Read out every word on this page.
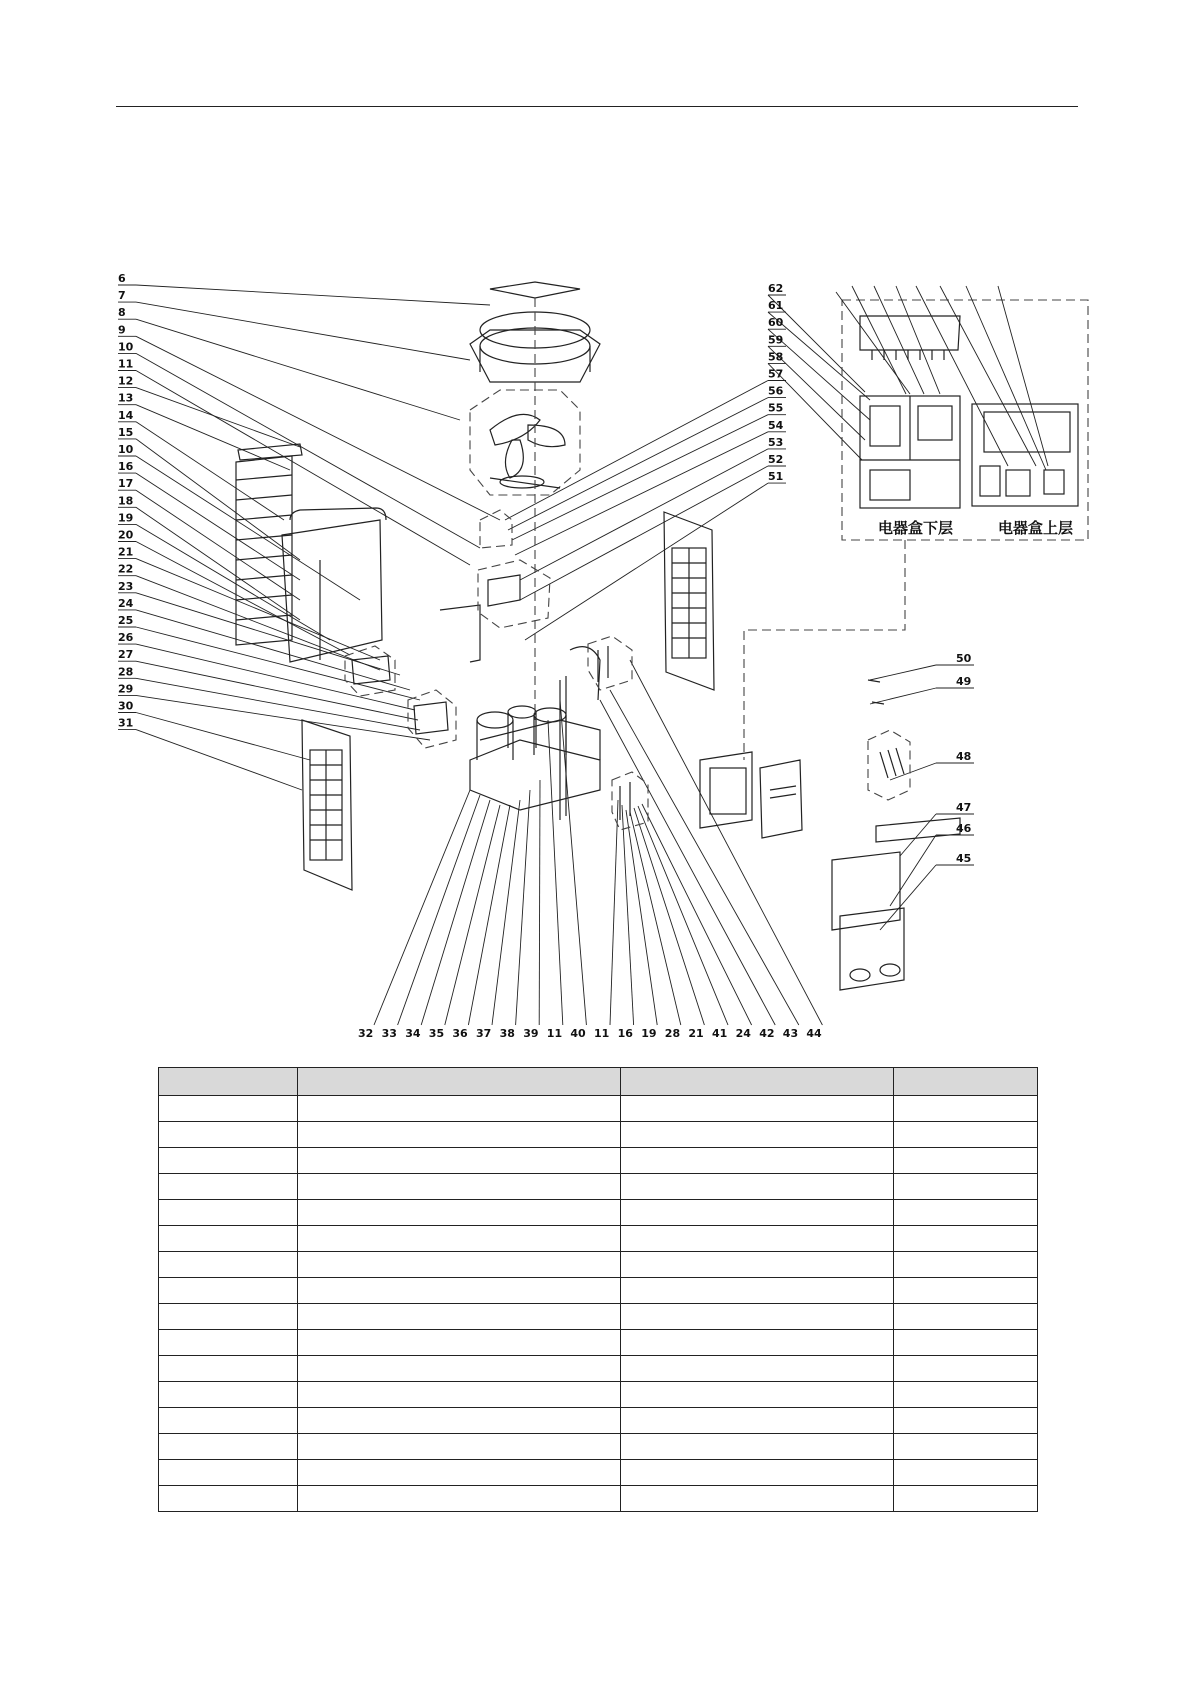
6
7
8
9
10
11
12
13
14
15
10
16
17
18
19
20
21
22
23
24
25
26
27
28
29
30
31
62
61
60
59
58
57
56
55
54
53
52
51
50
49
48
47
46
45
32 33 34 35 36 37 38 39 11 40 11 16 19 28 21 41 24 42 43 44
电器盒下层	电器盒上层
